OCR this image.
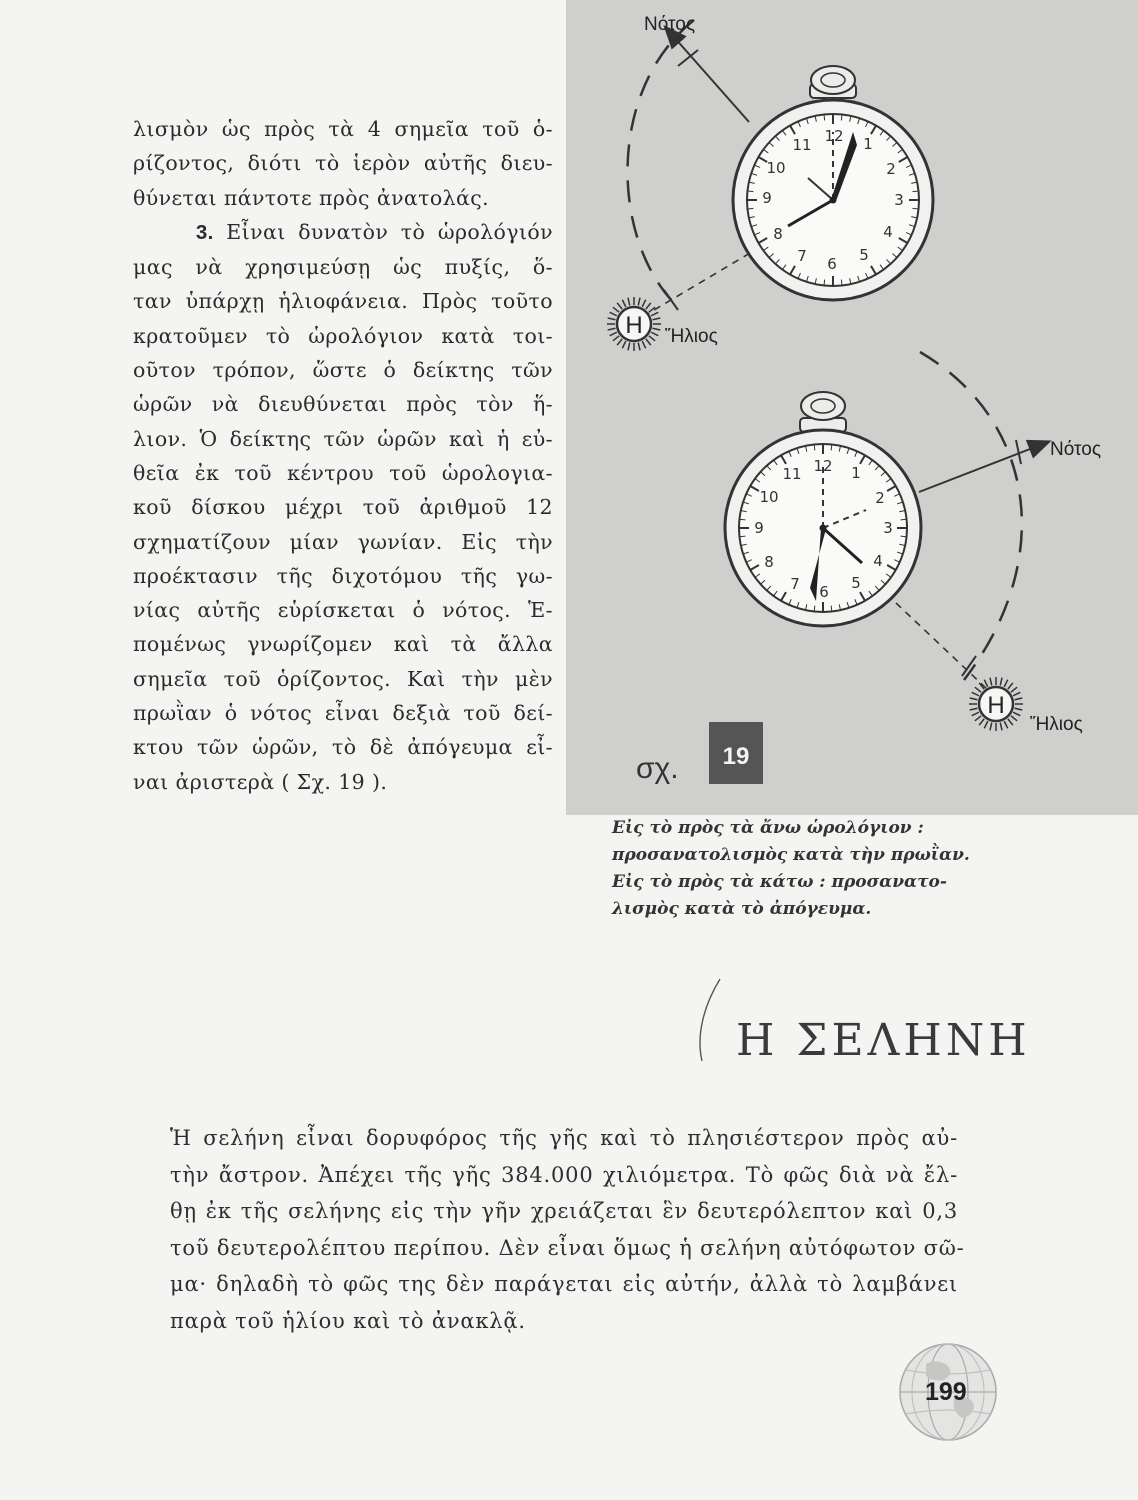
λισμὸν ὡς πρὸς τὰ 4 σημεῖα τοῦ ὁ-
ρίζοντος, διότι τὸ ἱερὸν αὐτῆς διευ-
θύνεται πάντοτε πρὸς ἀνατολάς.

3. Εἶναι δυνατὸν τὸ ὡρολόγιόν
μας νὰ χρησιμεύσῃ ὡς πυξίς, ὅ-
ταν ὑπάρχῃ ἡλιοφάνεια. Πρὸς τοῦτο
κρατοῦμεν τὸ ὡρολόγιον κατὰ τοι-
οῦτον τρόπον, ὥστε ὁ δείκτης τῶν
ὡρῶν νὰ διευθύνεται πρὸς τὸν ἥ-
λιον. Ὁ δείκτης τῶν ὡρῶν καὶ ἡ εὐ-
θεῖα ἐκ τοῦ κέντρου τοῦ ὡρολογια-
κοῦ δίσκου μέχρι τοῦ ἀριθμοῦ 12
σχηματίζουν μίαν γωνίαν. Εἰς τὴν
προέκτασιν τῆς διχοτόμου τῆς γω-
νίας αὐτῆς εὑρίσκεται ὁ νότος. Ἑ-
πομένως γνωρίζομεν καὶ τὰ ἄλλα
σημεῖα τοῦ ὁρίζοντος. Καὶ τὴν μὲν
πρωῒαν ὁ νότος εἶναι δεξιὰ τοῦ δεί-
κτου τῶν ὡρῶν, τὸ δὲ ἀπόγευμα εἶ-
ναι ἀριστερὰ ( Σχ. 19 ).

Νότος
12 1
2
3
4
5
6
7
8
9
10
11
Η Ἥλιος
Νότος
12 1
2
3
4
5
6
7
8
9
10
11
Η
Ἥλιος
σχ. 19
Εἰς τὸ πρὸς τὰ ἄνω ὡρολόγιον :
προσανατολισμὸς κατὰ τὴν πρωῒαν.
Εἰς τὸ πρὸς τὰ κάτω : προσανατο-
λισμὸς κατὰ τὸ ἀπόγευμα.
Η ΣΕΛΗΝΗ
Ἡ σελήνη εἶναι δορυφόρος τῆς γῆς καὶ τὸ πλησιέστερον πρὸς αὐ-
τὴν ἄστρον. Ἀπέχει τῆς γῆς 384.000 χιλιόμετρα. Τὸ φῶς διὰ νὰ ἔλ-
θῃ ἐκ τῆς σελήνης εἰς τὴν γῆν χρειάζεται ἓν δευτερόλεπτον καὶ 0,3
τοῦ δευτερολέπτου περίπου. Δὲν εἶναι ὅμως ἡ σελήνη αὐτόφωτον σῶ-
μα· δηλαδὴ τὸ φῶς της δὲν παράγεται εἰς αὐτήν, ἀλλὰ τὸ λαμβάνει
παρὰ τοῦ ἡλίου καὶ τὸ ἀνακλᾷ.
199
